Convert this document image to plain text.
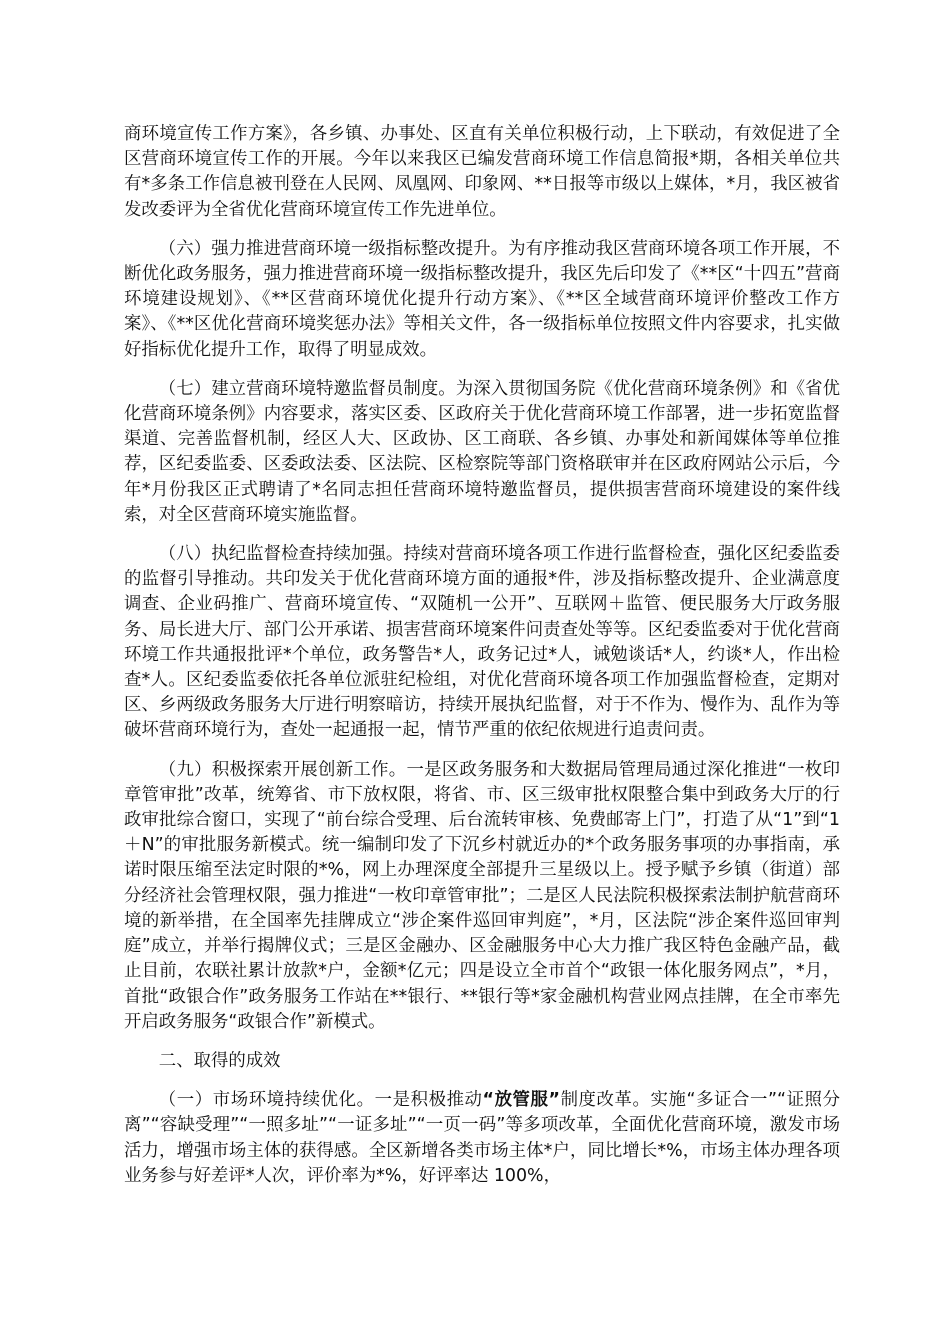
商环境宣传工作方案》，各乡镇、办事处、区直有关单位积极行动，上下联动，有效促进了全区营商环境宣传工作的开展。今年以来我区已编发营商环境工作信息简报*期，各相关单位共有*多条工作信息被刊登在人民网、凤凰网、印象网、**日报等市级以上媒体，*月，我区被省发改委评为全省优化营商环境宣传工作先进单位。

（六）强力推进营商环境一级指标整改提升。为有序推动我区营商环境各项工作开展，不断优化政务服务，强力推进营商环境一级指标整改提升，我区先后印发了《**区“十四五”营商环境建设规划》、《**区营商环境优化提升行动方案》、《**区全域营商环境评价整改工作方案》、《**区优化营商环境奖惩办法》等相关文件，各一级指标单位按照文件内容要求，扎实做好指标优化提升工作，取得了明显成效。

（七）建立营商环境特邀监督员制度。为深入贯彻国务院《优化营商环境条例》和《省优化营商环境条例》内容要求，落实区委、区政府关于优化营商环境工作部署，进一步拓宽监督渠道、完善监督机制，经区人大、区政协、区工商联、各乡镇、办事处和新闻媒体等单位推荐，区纪委监委、区委政法委、区法院、区检察院等部门资格联审并在区政府网站公示后，今年*月份我区正式聘请了*名同志担任营商环境特邀监督员，提供损害营商环境建设的案件线索，对全区营商环境实施监督。

（八）执纪监督检查持续加强。持续对营商环境各项工作进行监督检查，强化区纪委监委的监督引导推动。共印发关于优化营商环境方面的通报*件，涉及指标整改提升、企业满意度调查、企业码推广、营商环境宣传、“双随机一公开”、互联网＋监管、便民服务大厅政务服务、局长进大厅、部门公开承诺、损害营商环境案件问责查处等等。区纪委监委对于优化营商环境工作共通报批评*个单位，政务警告*人，政务记过*人，诫勉谈话*人，约谈*人，作出检查*人。区纪委监委依托各单位派驻纪检组，对优化营商环境各项工作加强监督检查，定期对区、乡两级政务服务大厅进行明察暗访，持续开展执纪监督，对于不作为、慢作为、乱作为等破坏营商环境行为，查处一起通报一起，情节严重的依纪依规进行追责问责。

（九）积极探索开展创新工作。一是区政务服务和大数据局管理局通过深化推进“一枚印章管审批”改革，统筹省、市下放权限，将省、市、区三级审批权限整合集中到政务大厅的行政审批综合窗口，实现了“前台综合受理、后台流转审核、免费邮寄上门”，打造了从“1”到“1＋N”的审批服务新模式。统一编制印发了下沉乡村就近办的*个政务服务事项的办事指南，承诺时限压缩至法定时限的*%，网上办理深度全部提升三星级以上。授予赋予乡镇（街道）部分经济社会管理权限，强力推进“一枚印章管审批”；二是区人民法院积极探索法制护航营商环境的新举措，在全国率先挂牌成立“涉企案件巡回审判庭”，*月，区法院“涉企案件巡回审判庭”成立，并举行揭牌仪式；三是区金融办、区金融服务中心大力推广我区特色金融产品，截止目前，农联社累计放款*户，金额*亿元；四是设立全市首个“政银一体化服务网点”，*月，首批“政银合作”政务服务工作站在**银行、**银行等*家金融机构营业网点挂牌，在全市率先开启政务服务“政银合作”新模式。

二、取得的成效

（一）市场环境持续优化。一是积极推动“放管服”制度改革。实施“多证合一”“证照分离”“容缺受理”“一照多址”“一证多址”“一页一码”等多项改革，全面优化营商环境，激发市场活力，增强市场主体的获得感。全区新增各类市场主体*户，同比增长*%，市场主体办理各项业务参与好差评*人次，评价率为*%，好评率达 100%，
